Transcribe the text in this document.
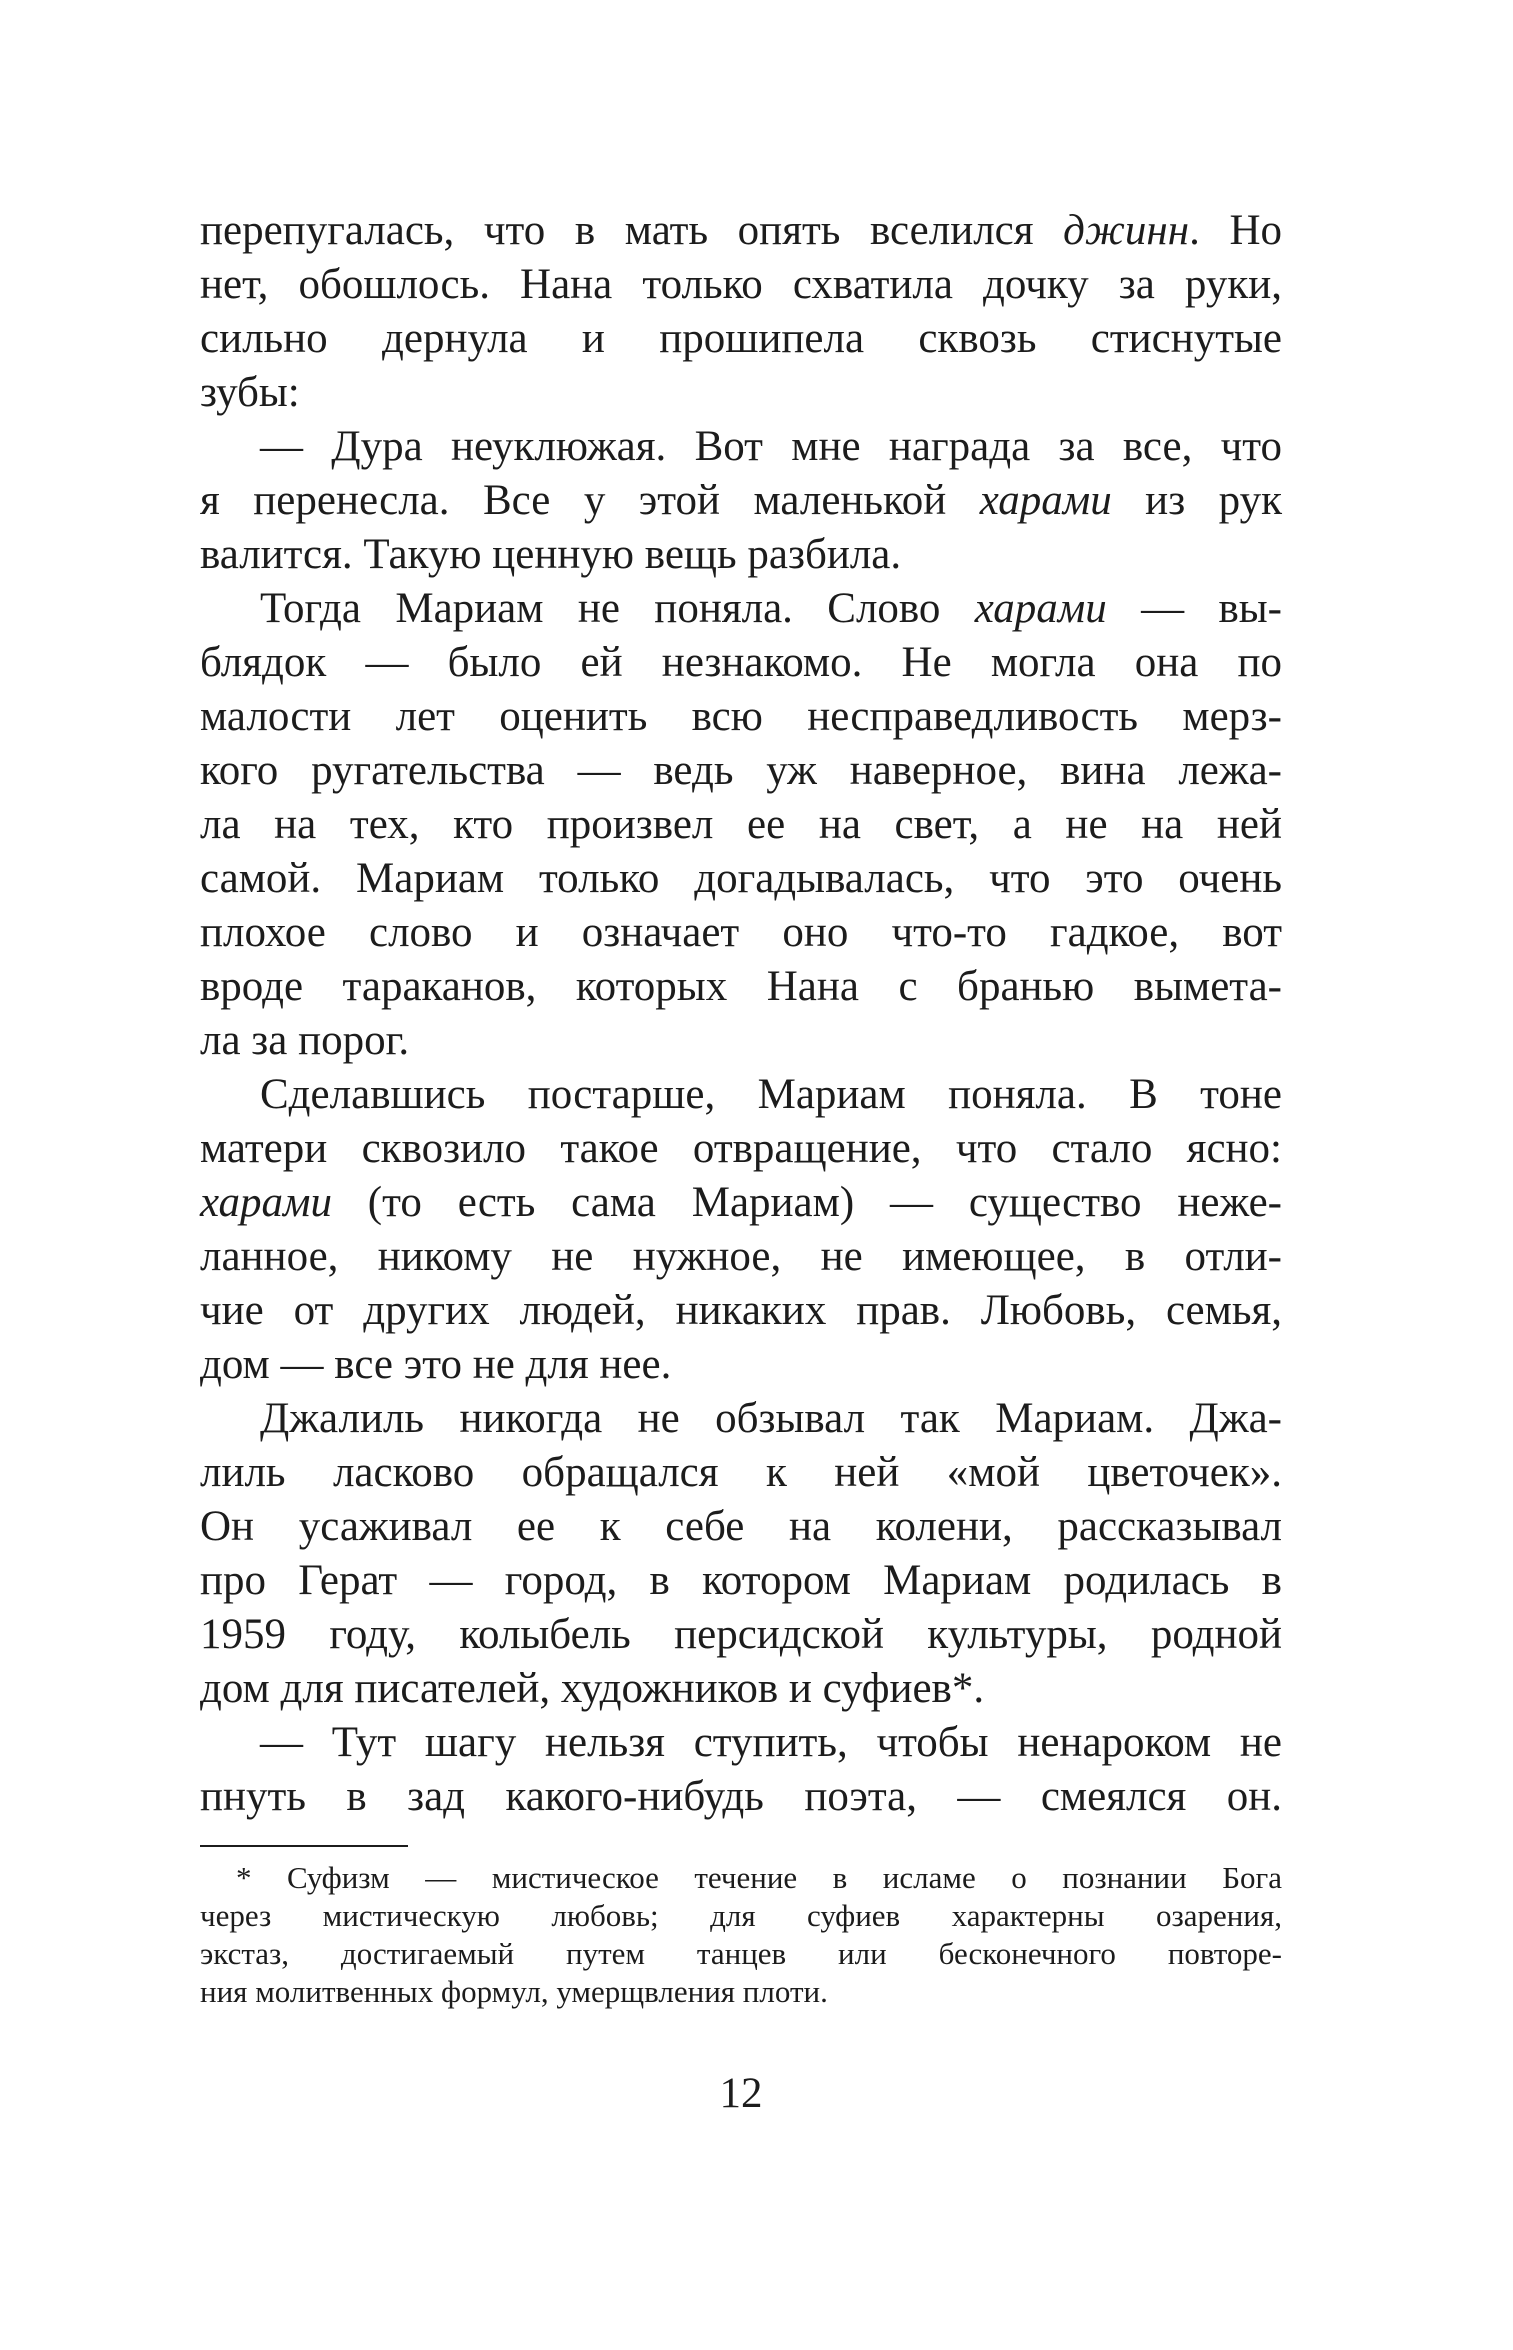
перепугалась, что в мать опять вселился джинн. Но
нет, обошлось. Нана только схватила дочку за руки,
сильно дернула и прошипела сквозь стиснутые
зубы:
— Дура неуклюжая. Вот мне награда за все, что
я перенесла. Все у этой маленькой харами из рук
валится. Такую ценную вещь разбила.
Тогда Мариам не поняла. Слово харами — вы-
блядок — было ей незнакомо. Не могла она по
малости лет оценить всю несправедливость мерз-
кого ругательства — ведь уж наверное, вина лежа-
ла на тех, кто произвел ее на свет, а не на ней
самой. Мариам только догадывалась, что это очень
плохое слово и означает оно что-то гадкое, вот
вроде тараканов, которых Нана с бранью вымета-
ла за порог.
Сделавшись постарше, Мариам поняла. В тоне
матери сквозило такое отвращение, что стало ясно:
харами (то есть сама Мариам) — существо неже-
ланное, никому не нужное, не имеющее, в отли-
чие от других людей, никаких прав. Любовь, семья,
дом — все это не для нее.
Джалиль никогда не обзывал так Мариам. Джа-
лиль ласково обращался к ней «мой цветочек».
Он усаживал ее к себе на колени, рассказывал
про Герат — город, в котором Мариам родилась в
1959 году, колыбель персидской культуры, родной
дом для писателей, художников и суфиев*.
— Тут шагу нельзя ступить, чтобы ненароком не
пнуть в зад какого-нибудь поэта, — смеялся он.
* Суфизм — мистическое течение в исламе о познании Бога
через мистическую любовь; для суфиев характерны озарения,
экстаз, достигаемый путем танцев или бесконечного повторе-
ния молитвенных формул, умерщвления плоти.
12
